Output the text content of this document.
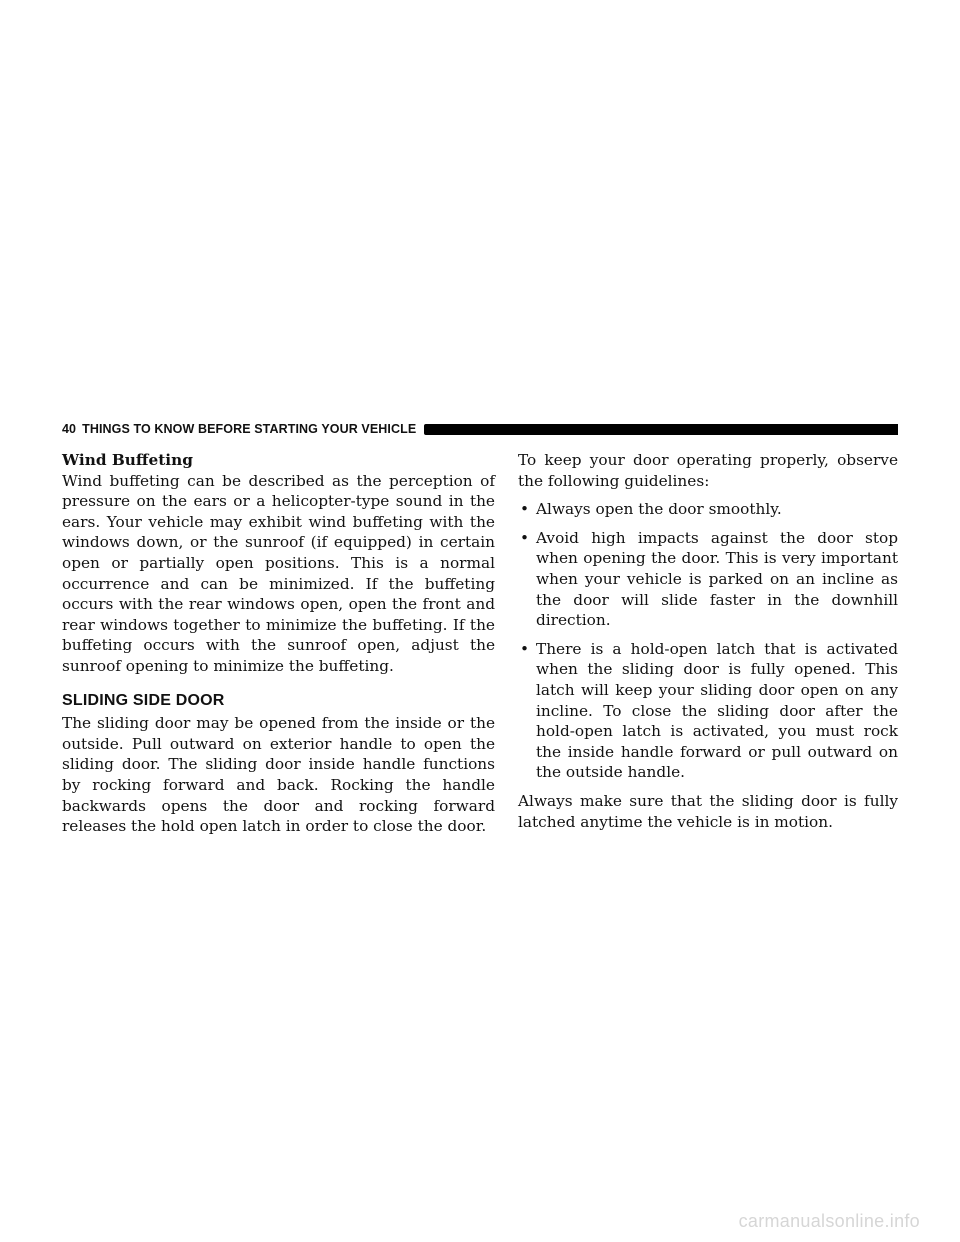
40 THINGS TO KNOW BEFORE STARTING YOUR VEHICLE

Wind Buffeting

Wind buffeting can be described as the perception of pressure on the ears or a helicopter-type sound in the ears. Your vehicle may exhibit wind buffeting with the windows down, or the sunroof (if equipped) in certain open or partially open positions. This is a normal occurrence and can be minimized. If the buffeting occurs with the rear windows open, open the front and rear windows together to minimize the buffeting. If the buffeting occurs with the sunroof open, adjust the sunroof opening to minimize the buffeting.

SLIDING SIDE DOOR

The sliding door may be opened from the inside or the outside. Pull outward on exterior handle to open the sliding door. The sliding door inside handle functions by rocking forward and back. Rocking the handle backwards opens the door and rocking forward releases the hold open latch in order to close the door.

To keep your door operating properly, observe the following guidelines:

• Always open the door smoothly.
• Avoid high impacts against the door stop when opening the door. This is very important when your vehicle is parked on an incline as the door will slide faster in the downhill direction.
• There is a hold-open latch that is activated when the sliding door is fully opened. This latch will keep your sliding door open on any incline. To close the sliding door after the hold-open latch is activated, you must rock the inside handle forward or pull outward on the outside handle.

Always make sure that the sliding door is fully latched anytime the vehicle is in motion.

carmanualsonline.info
